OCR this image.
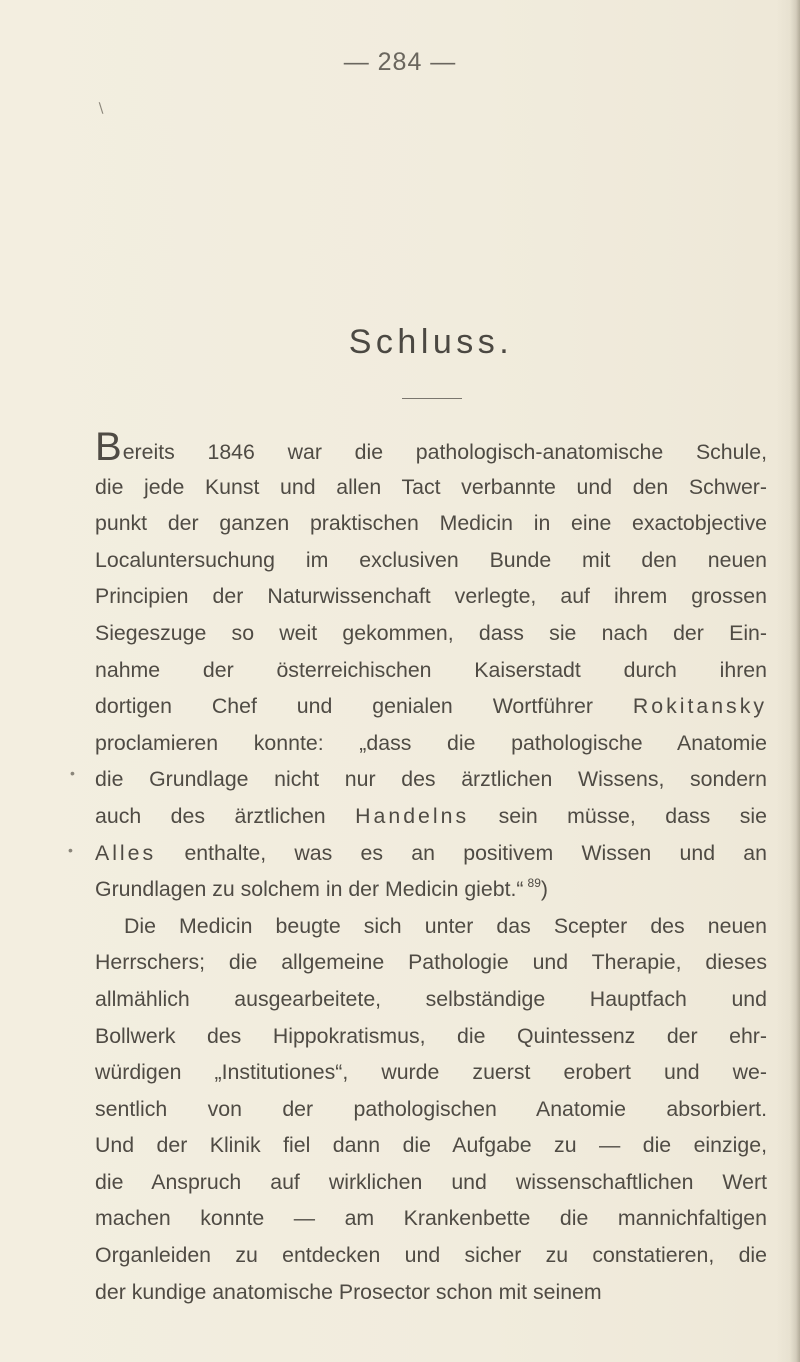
— 284 —
Schluss.
Bereits 1846 war die pathologisch-anatomische Schule,
die jede Kunst und allen Tact verbannte und den Schwer-
punkt der ganzen praktischen Medicin in eine exactobjective
Localuntersuchung im exclusiven Bunde mit den neuen
Principien der Naturwissenchaft verlegte, auf ihrem grossen
Siegeszuge so weit gekommen, dass sie nach der Ein-
nahme der österreichischen Kaiserstadt durch ihren
dortigen Chef und genialen Wortführer Rokitansky
proclamieren konnte: „dass die pathologische Anatomie
die Grundlage nicht nur des ärztlichen Wissens, sondern
auch des ärztlichen Handelns sein müsse, dass sie
Alles enthalte, was es an positivem Wissen und an
Grundlagen zu solchem in der Medicin giebt.“ $^{89}$)
Die Medicin beugte sich unter das Scepter des neuen
Herrschers; die allgemeine Pathologie und Therapie, dieses
allmählich ausgearbeitete, selbständige Hauptfach und
Bollwerk des Hippokratismus, die Quintessenz der ehr-
würdigen „Institutiones“, wurde zuerst erobert und we-
sentlich von der pathologischen Anatomie absorbiert.
Und der Klinik fiel dann die Aufgabe zu — die einzige,
die Anspruch auf wirklichen und wissenschaftlichen Wert
machen konnte — am Krankenbette die mannichfaltigen
Organleiden zu entdecken und sicher zu constatieren, die
der kundige anatomische Prosector schon mit seinem
∖
•
•
